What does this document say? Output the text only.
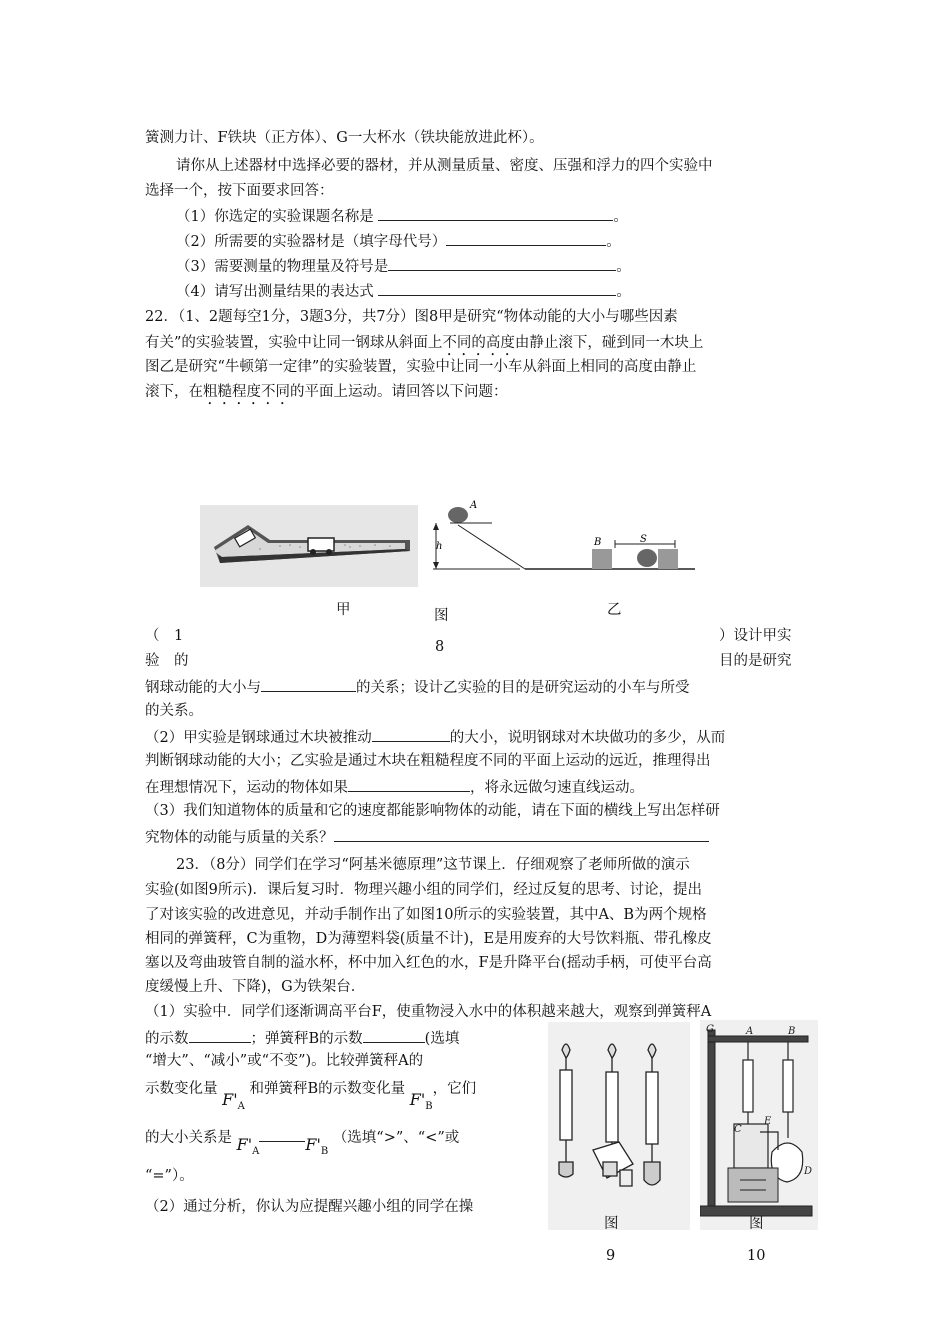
簧测力计、F铁块（正方体）、G一大杯水（铁块能放进此杯）。
请你从上述器材中选择必要的器材，并从测量质量、密度、压强和浮力的四个实验中
选择一个，按下面要求回答：
（1）你选定的实验课题名称是	。
（2）所需要的实验器材是（填字母代号）	。
（3）需要测量的物理量及符号是	。
（4）请写出测量结果的表达式	。
22．（1、2题每空1分，3题3分，共7分）图8甲是研究“物体动能的大小与哪些因素
有关”的实验装置，实验中让同一钢球从斜面上不同的高度由静止滚下，碰到同一木块上
图乙是研究“牛顿第一定律”的实验装置，实验中让同一小车从斜面上相同的高度由静止
滚下，在粗糙程度不同的平面上运动。请回答以下问题：
A
h	B	S
甲	图
8
乙
（　1	）设计甲实
验　的	目的是研究
钢球动能的大小与	的关系；设计乙实验的目的是研究运动的小车与所受
的关系。
（2）甲实验是钢球通过木块被推动	的大小，说明钢球对木块做功的多少，从而
判断钢球动能的大小；乙实验是通过木块在粗糙程度不同的平面上运动的远近，推理得出
在理想情况下，运动的物体如果	，将永远做匀速直线运动。
（3）我们知道物体的质量和它的速度都能影响物体的动能，请在下面的横线上写出怎样研
究物体的动能与质量的关系？
23．（8分）同学们在学习“阿基米德原理”这节课上．仔细观察了老师所做的演示
实验(如图9所示)．课后复习时．物理兴趣小组的同学们，经过反复的思考、讨论，提出
了对该实验的改进意见，并动手制作出了如图10所示的实验装置，其中A、B为两个规格
相同的弹簧秤，C为重物，D为薄塑料袋(质量不计)，E是用废弃的大号饮料瓶、带孔橡皮
塞以及弯曲玻管自制的溢水杯，杯中加入红色的水，F是升降平台(摇动手柄，可使平台高
度缓慢上升、下降)，G为铁架台．
（1）实验中．同学们逐渐调高平台F，使重物浸入水中的体积越来越大，观察到弹簧秤A
的示数	；弹簧秤B的示数	(选填
“增大”、“减小”或“不变”)。比较弹簧秤A的
示数变化量 $F'_A$ 和弹簧秤B的示数变化量 $F'_B$，它们
的大小关系是 $F'_A$	$F'_B$ （选填“>”、“<”或
“=”）。
（2）通过分析，你认为应提醒兴趣小组的同学在操
图
9
G	A	B
C
E
D
图
10
